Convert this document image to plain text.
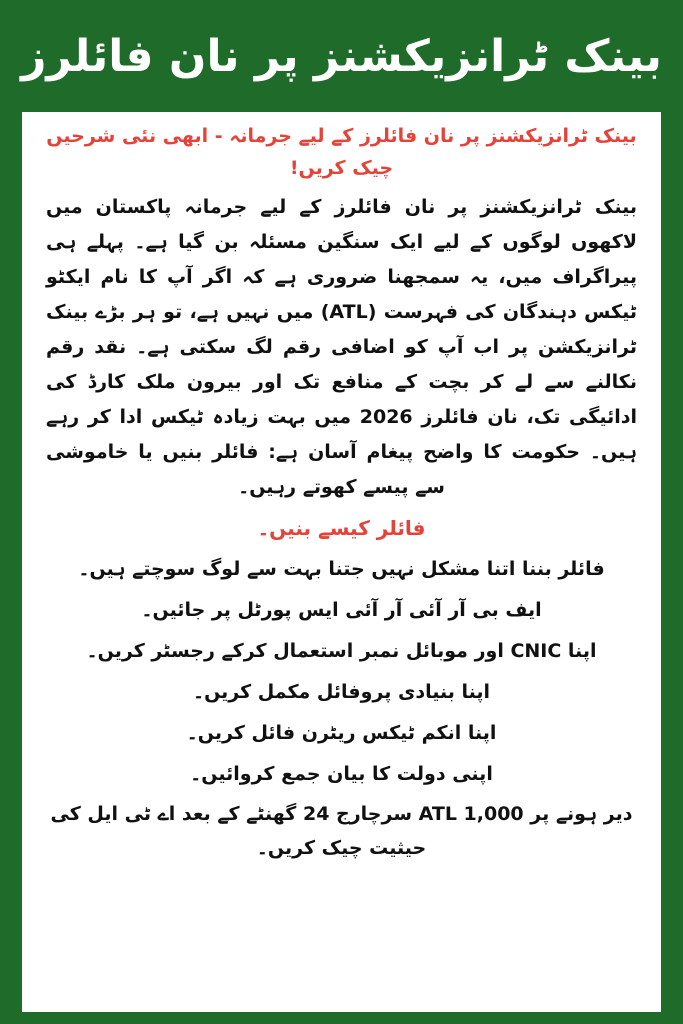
بینک ٹرانزیکشنز پر نان فائلرز

بینک ٹرانزیکشنز پر نان فائلرز کے لیے جرمانہ - ابھی نئی شرحیں چیک کریں!

بینک ٹرانزیکشنز پر نان فائلرز کے لیے جرمانہ پاکستان میں لاکھوں لوگوں کے لیے ایک سنگین مسئلہ بن گیا ہے۔ پہلے ہی پیراگراف میں، یہ سمجھنا ضروری ہے کہ اگر آپ کا نام ایکٹو ٹیکس دہندگان کی فہرست (ATL) میں نہیں ہے، تو ہر بڑے بینک ٹرانزیکشن پر اب آپ کو اضافی رقم لگ سکتی ہے۔ نقد رقم نکالنے سے لے کر بچت کے منافع تک اور بیرون ملک کارڈ کی ادائیگی تک، نان فائلرز 2026 میں بہت زیادہ ٹیکس ادا کر رہے ہیں۔ حکومت کا واضح پیغام آسان ہے: فائلر بنیں یا خاموشی سے پیسے کھوتے رہیں۔

فائلر کیسے بنیں۔

فائلر بننا اتنا مشکل نہیں جتنا بہت سے لوگ سوچتے ہیں۔
ایف بی آر آئی آر آئی ایس پورٹل پر جائیں۔
اپنا CNIC اور موبائل نمبر استعمال کرکے رجسٹر کریں۔
اپنا بنیادی پروفائل مکمل کریں۔
اپنا انکم ٹیکس ریٹرن فائل کریں۔
اپنی دولت کا بیان جمع کروائیں۔

دیر ہونے پر ATL 1,000 سرچارج 24 گھنٹے کے بعد اے ٹی ایل کی حیثیت چیک کریں۔
